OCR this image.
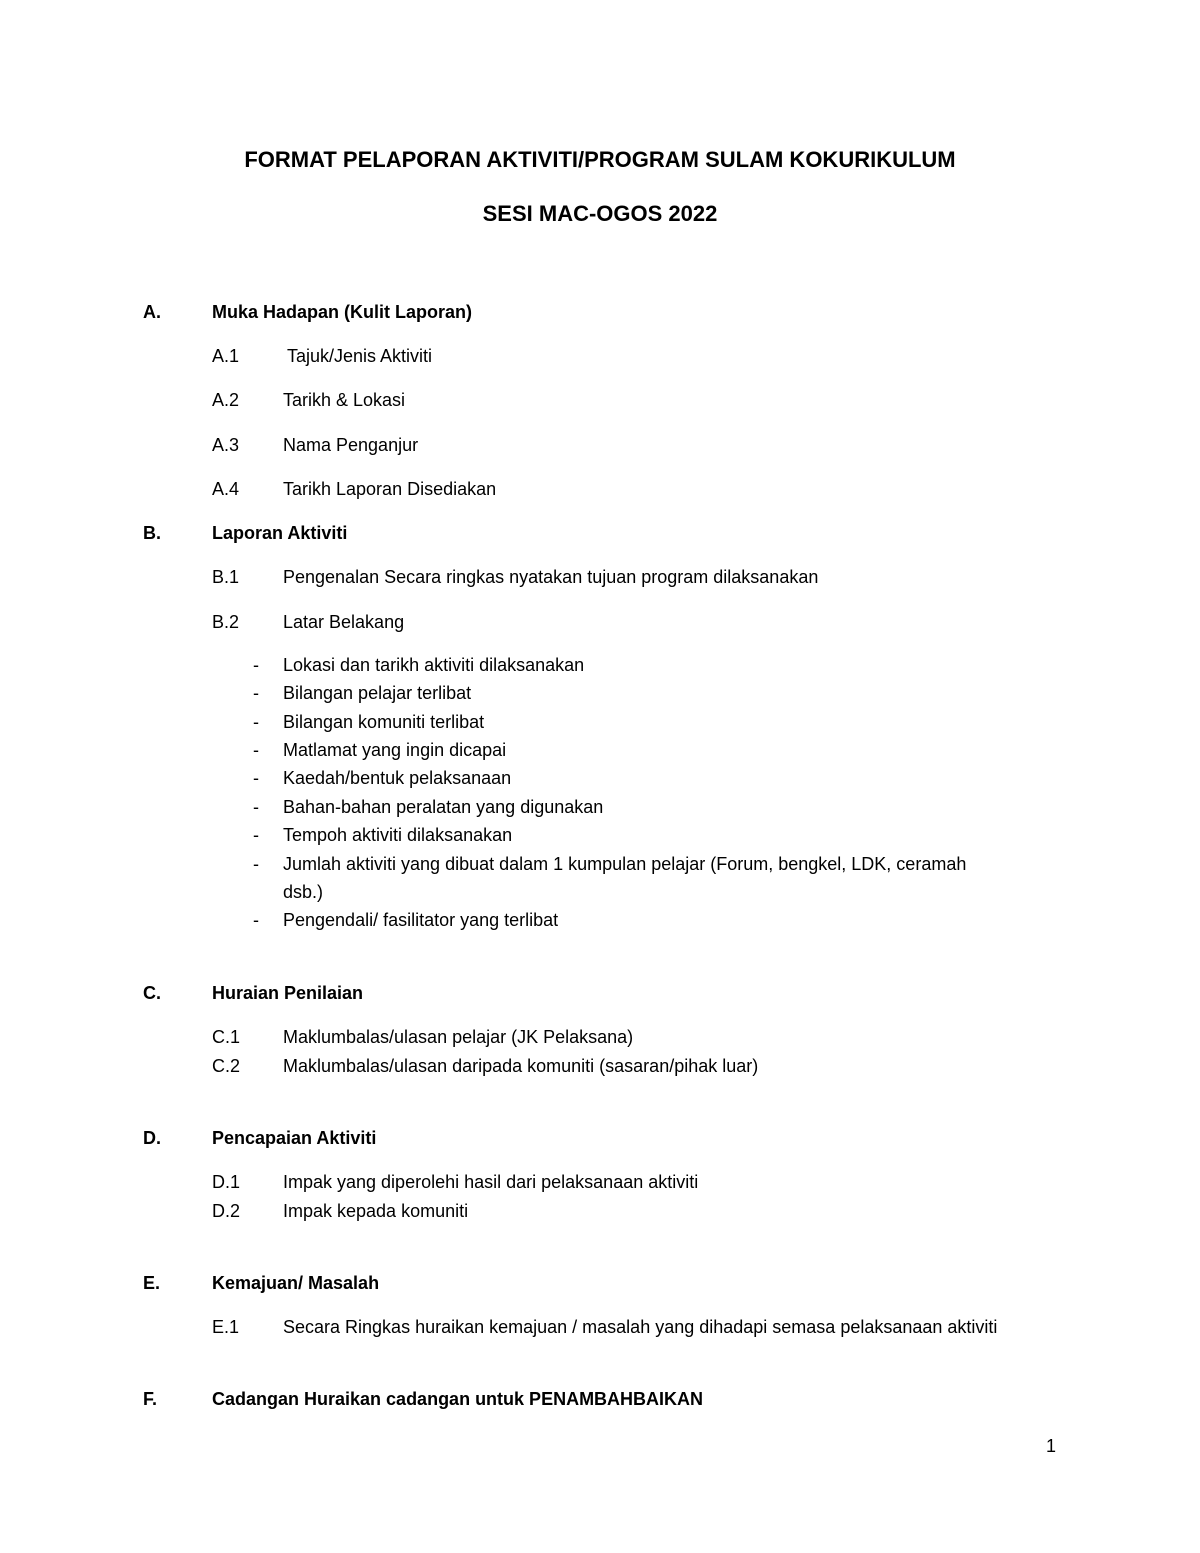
FORMAT PELAPORAN AKTIVITI/PROGRAM SULAM KOKURIKULUM
SESI MAC-OGOS 2022
A.	Muka Hadapan (Kulit Laporan)
A.1	Tajuk/Jenis Aktiviti
A.2 Tarikh & Lokasi
A.3 Nama Penganjur
A.4 Tarikh Laporan Disediakan
B.	Laporan Aktiviti
B.1 Pengenalan Secara ringkas nyatakan tujuan program dilaksanakan
B.2 Latar Belakang
- Lokasi dan tarikh aktiviti dilaksanakan
- Bilangan pelajar terlibat
- Bilangan komuniti terlibat
- Matlamat yang ingin dicapai
- Kaedah/bentuk pelaksanaan
- Bahan-bahan peralatan yang digunakan
- Tempoh aktiviti dilaksanakan
- Jumlah aktiviti yang dibuat dalam 1 kumpulan pelajar (Forum, bengkel, LDK, ceramah
dsb.)
- Pengendali/ fasilitator yang terlibat
C.	Huraian Penilaian
C.1 Maklumbalas/ulasan pelajar (JK Pelaksana)
C.2 Maklumbalas/ulasan daripada komuniti (sasaran/pihak luar)
D.	Pencapaian Aktiviti
D.1 Impak yang diperolehi hasil dari pelaksanaan aktiviti
D.2 Impak kepada komuniti
E.	Kemajuan/ Masalah
E.1 Secara Ringkas huraikan kemajuan / masalah yang dihadapi semasa pelaksanaan aktiviti
F.	Cadangan Huraikan cadangan untuk PENAMBAHBAIKAN
1
